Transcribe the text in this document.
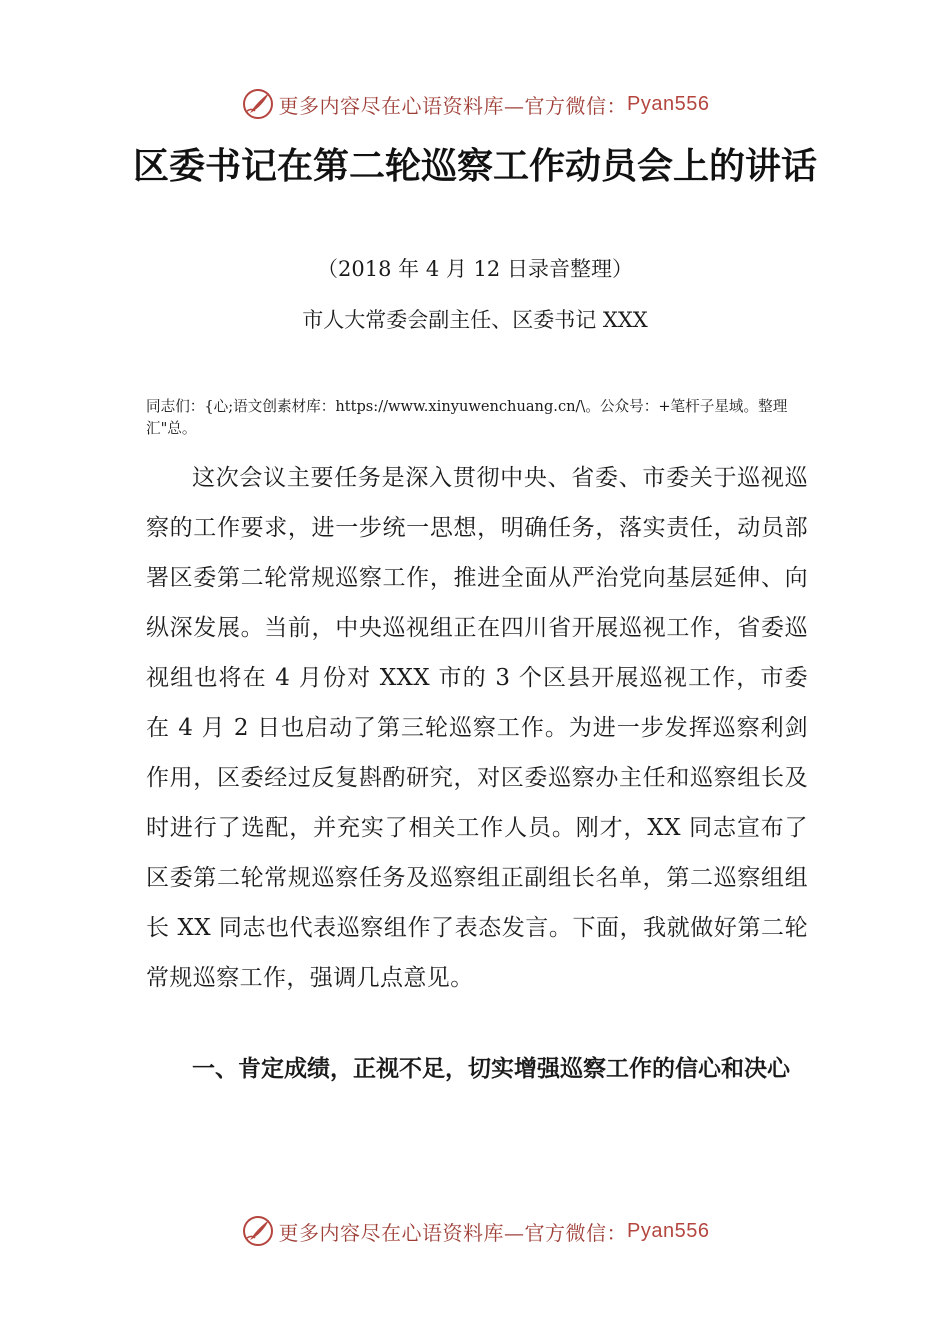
更多内容尽在心语资料库—官方微信： Pyan556
区委书记在第二轮巡察工作动员会上的讲话
（2018 年 4 月 12 日录音整理）
市人大常委会副主任、区委书记 XXX
同志们：{心;语文创素材库：https://www.xinyuwenchuang.cn/\。公众号：+笔杆子星域。整理汇"总。
这次会议主要任务是深入贯彻中央、省委、市委关于巡视巡察的工作要求，进一步统一思想，明确任务，落实责任，动员部署区委第二轮常规巡察工作，推进全面从严治党向基层延伸、向纵深发展。当前，中央巡视组正在四川省开展巡视工作，省委巡视组也将在 4 月份对 XXX 市的 3 个区县开展巡视工作，市委在 4 月 2 日也启动了第三轮巡察工作。为进一步发挥巡察利剑作用，区委经过反复斟酌研究，对区委巡察办主任和巡察组长及时进行了选配，并充实了相关工作人员。刚才，XX 同志宣布了区委第二轮常规巡察任务及巡察组正副组长名单，第二巡察组组长 XX 同志也代表巡察组作了表态发言。下面，我就做好第二轮常规巡察工作，强调几点意见。
一、肯定成绩，正视不足，切实增强巡察工作的信心和决心
更多内容尽在心语资料库—官方微信： Pyan556
